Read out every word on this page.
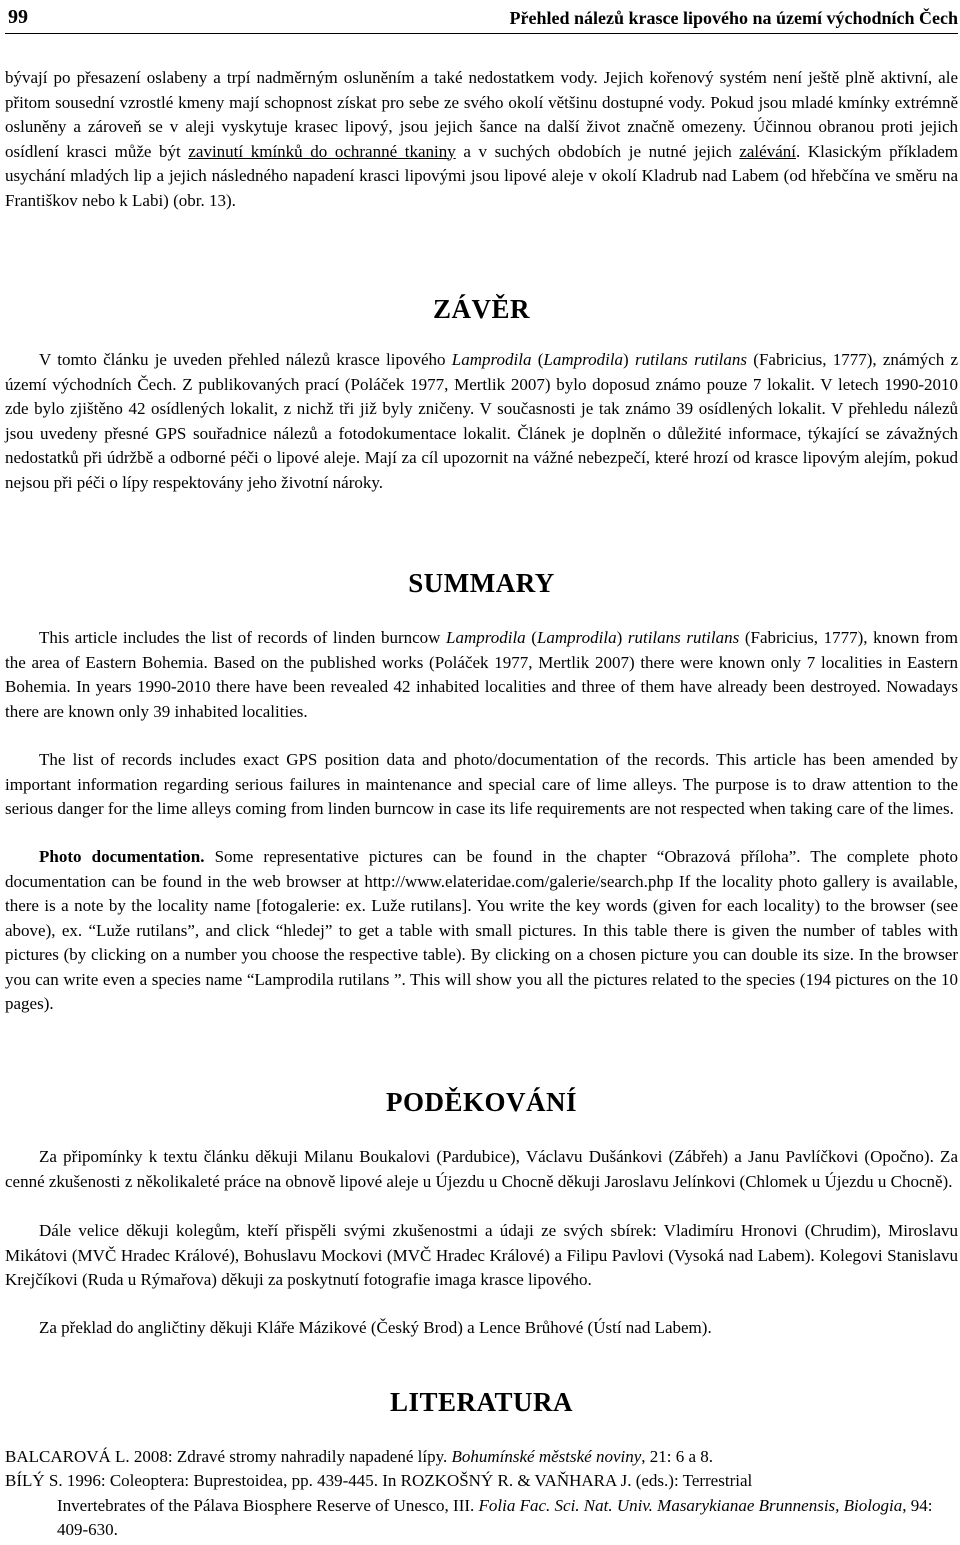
99	Přehled nálezů krasce lipového na území východních Čech

bývají po přesazení oslabeny a trpí nadměrným osluněním a také nedostatkem vody. Jejich kořenový systém není ještě plně aktivní, ale přitom sousední vzrostlé kmeny mají schopnost získat pro sebe ze svého okolí většinu dostupné vody. Pokud jsou mladé kmínky extrémně osluněny a zároveň se v aleji vyskytuje krasec lipový, jsou jejich šance na další život značně omezeny. Účinnou obranou proti jejich osídlení krasci může být zavinutí kmínků do ochranné tkaniny a v suchých obdobích je nutné jejich zalévání. Klasickým příkladem usychání mladých lip a jejich následného napadení krasci lipovými jsou lipové aleje v okolí Kladrub nad Labem (od hřebčína ve směru na Františkov nebo k Labi) (obr. 13).

ZÁVĚR

V tomto článku je uveden přehled nálezů krasce lipového Lamprodila (Lamprodila) rutilans rutilans (Fabricius, 1777), známých z území východních Čech. Z publikovaných prací (Poláček 1977, Mertlik 2007) bylo doposud známo pouze 7 lokalit. V letech 1990-2010 zde bylo zjištěno 42 osídlených lokalit, z nichž tři již byly zničeny. V současnosti je tak známo 39 osídlených lokalit. V přehledu nálezů jsou uvedeny přesné GPS souřadnice nálezů a fotodokumentace lokalit. Článek je doplněn o důležité informace, týkající se závažných nedostatků při údržbě a odborné péči o lipové aleje. Mají za cíl upozornit na vážné nebezpečí, které hrozí od krasce lipovým alejím, pokud nejsou při péči o lípy respektovány jeho životní nároky.

SUMMARY

This article includes the list of records of linden burncow Lamprodila (Lamprodila) rutilans rutilans (Fabricius, 1777), known from the area of Eastern Bohemia. Based on the published works (Poláček 1977, Mertlik 2007) there were known only 7 localities in Eastern Bohemia. In years 1990-2010 there have been revealed 42 inhabited localities and three of them have already been destroyed. Nowadays there are known only 39 inhabited localities.

The list of records includes exact GPS position data and photo/documentation of the records. This article has been amended by important information regarding serious failures in maintenance and special care of lime alleys. The purpose is to draw attention to the serious danger for the lime alleys coming from linden burncow in case its life requirements are not respected when taking care of the limes.

Photo documentation. Some representative pictures can be found in the chapter “Obrazová příloha”. The complete photo documentation can be found in the web browser at http://www.elateridae.com/galerie/search.php If the locality photo gallery is available, there is a note by the locality name [fotogalerie: ex. Luže rutilans]. You write the key words (given for each locality) to the browser (see above), ex. “Luže rutilans”, and click “hledej” to get a table with small pictures. In this table there is given the number of tables with pictures (by clicking on a number you choose the respective table). By clicking on a chosen picture you can double its size. In the browser you can write even a species name “Lamprodila rutilans ”. This will show you all the pictures related to the species (194 pictures on the 10 pages).

PODĚKOVÁNÍ

Za připomínky k textu článku děkuji Milanu Boukalovi (Pardubice), Václavu Dušánkovi (Zábřeh) a Janu Pavlíčkovi (Opočno). Za cenné zkušenosti z několikaleté práce na obnově lipové aleje u Újezdu u Chocně děkuji Jaroslavu Jelínkovi (Chlomek u Újezdu u Chocně).

Dále velice děkuji kolegům, kteří přispěli svými zkušenostmi a údaji ze svých sbírek: Vladimíru Hronovi (Chrudim), Miroslavu Mikátovi (MVČ Hradec Králové), Bohuslavu Mockovi (MVČ Hradec Králové) a Filipu Pavlovi (Vysoká nad Labem). Kolegovi Stanislavu Krejčíkovi (Ruda u Rýmařova) děkuji za poskytnutí fotografie imaga krasce lipového.

Za překlad do angličtiny děkuji Kláře Mázikové (Český Brod) a Lence Brůhové (Ústí nad Labem).

LITERATURA

BALCAROVÁ L. 2008: Zdravé stromy nahradily napadené lípy. Bohumínské městské noviny, 21: 6 a 8.

BÍLÝ S. 1996: Coleoptera: Buprestoidea, pp. 439-445. In ROZKOŠNÝ R. & VAŇHARA J. (eds.): Terrestrial
Invertebrates of the Pálava Biosphere Reserve of Unesco, III. Folia Fac. Sci. Nat. Univ. Masarykianae Brunnensis, Biologia, 94: 409-630.
